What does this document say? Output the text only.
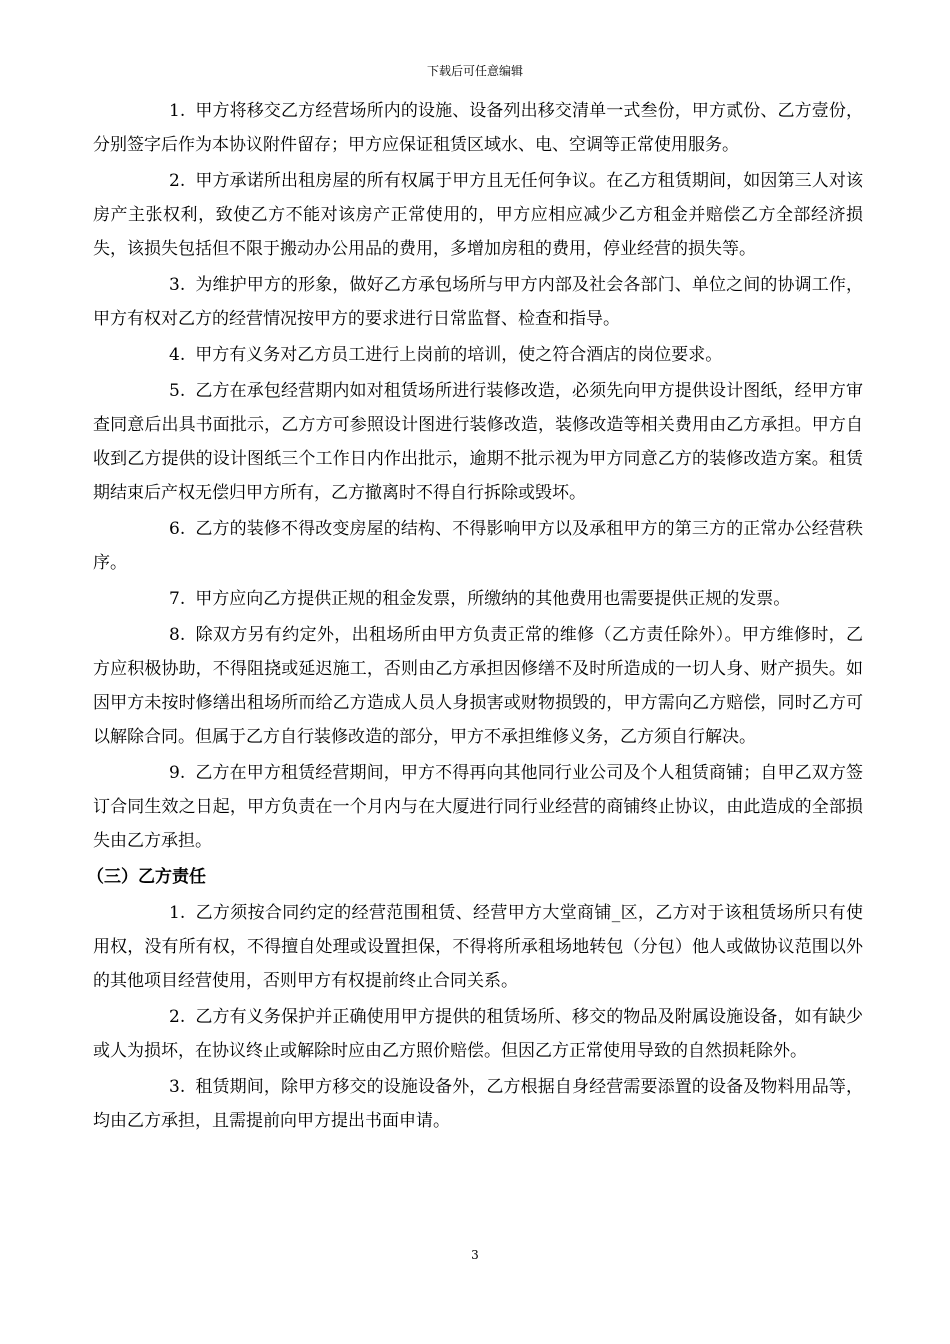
下载后可任意编辑

1. 甲方将移交乙方经营场所内的设施、设备列出移交清单一式叁份，甲方贰份、乙方壹份，分别签字后作为本协议附件留存；甲方应保证租赁区域水、电、空调等正常使用服务。

2. 甲方承诺所出租房屋的所有权属于甲方且无任何争议。在乙方租赁期间，如因第三人对该房产主张权利，致使乙方不能对该房产正常使用的，甲方应相应减少乙方租金并赔偿乙方全部经济损失，该损失包括但不限于搬动办公用品的费用，多增加房租的费用，停业经营的损失等。

3. 为维护甲方的形象，做好乙方承包场所与甲方内部及社会各部门、单位之间的协调工作，甲方有权对乙方的经营情况按甲方的要求进行日常监督、检查和指导。

4. 甲方有义务对乙方员工进行上岗前的培训，使之符合酒店的岗位要求。

5. 乙方在承包经营期内如对租赁场所进行装修改造，必须先向甲方提供设计图纸，经甲方审查同意后出具书面批示，乙方方可参照设计图进行装修改造，装修改造等相关费用由乙方承担。甲方自收到乙方提供的设计图纸三个工作日内作出批示，逾期不批示视为甲方同意乙方的装修改造方案。租赁期结束后产权无偿归甲方所有，乙方撤离时不得自行拆除或毁坏。

6. 乙方的装修不得改变房屋的结构、不得影响甲方以及承租甲方的第三方的正常办公经营秩序。

7. 甲方应向乙方提供正规的租金发票，所缴纳的其他费用也需要提供正规的发票。

8. 除双方另有约定外，出租场所由甲方负责正常的维修（乙方责任除外）。甲方维修时，乙方应积极协助，不得阻挠或延迟施工，否则由乙方承担因修缮不及时所造成的一切人身、财产损失。如因甲方未按时修缮出租场所而给乙方造成人员人身损害或财物损毁的，甲方需向乙方赔偿，同时乙方可以解除合同。但属于乙方自行装修改造的部分，甲方不承担维修义务，乙方须自行解决。

9. 乙方在甲方租赁经营期间，甲方不得再向其他同行业公司及个人租赁商铺；自甲乙双方签订合同生效之日起，甲方负责在一个月内与在大厦进行同行业经营的商铺终止协议，由此造成的全部损失由乙方承担。

（三）乙方责任

1. 乙方须按合同约定的经营范围租赁、经营甲方大堂商铺_区，乙方对于该租赁场所只有使用权，没有所有权，不得擅自处理或设置担保，不得将所承租场地转包（分包）他人或做协议范围以外的其他项目经营使用，否则甲方有权提前终止合同关系。

2. 乙方有义务保护并正确使用甲方提供的租赁场所、移交的物品及附属设施设备，如有缺少或人为损坏，在协议终止或解除时应由乙方照价赔偿。但因乙方正常使用导致的自然损耗除外。

3. 租赁期间，除甲方移交的设施设备外，乙方根据自身经营需要添置的设备及物料用品等，均由乙方承担，且需提前向甲方提出书面申请。

3
